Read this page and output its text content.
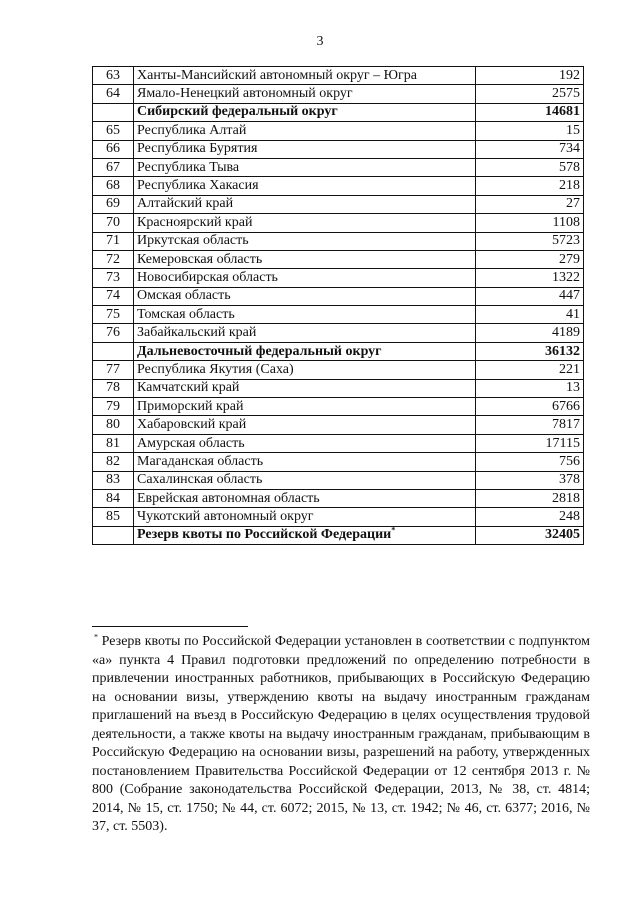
3
63	Ханты-Мансийский автономный округ – Югра	192
64	Ямало-Ненецкий автономный округ	2575
	Сибирский федеральный округ	14681
65	Республика Алтай	15
66	Республика Бурятия	734
67	Республика Тыва	578
68	Республика Хакасия	218
69	Алтайский край	27
70	Красноярский край	1108
71	Иркутская область	5723
72	Кемеровская область	279
73	Новосибирская область	1322
74	Омская область	447
75	Томская область	41
76	Забайкальский край	4189
	Дальневосточный федеральный округ	36132
77	Республика Якутия (Саха)	221
78	Камчатский край	13
79	Приморский край	6766
80	Хабаровский край	7817
81	Амурская область	17115
82	Магаданская область	756
83	Сахалинская область	378
84	Еврейская автономная область	2818
85	Чукотский автономный округ	248
	Резерв квоты по Российской Федерации*	32405
* Резерв квоты по Российской Федерации установлен в соответствии с подпунктом «а» пункта 4 Правил подготовки предложений по определению потребности в привлечении иностранных работников, прибывающих в Российскую Федерацию на основании визы, утверждению квоты на выдачу иностранным гражданам приглашений на въезд в Российскую Федерацию в целях осуществления трудовой деятельности, а также квоты на выдачу иностранным гражданам, прибывающим в Российскую Федерацию на основании визы, разрешений на работу, утвержденных постановлением Правительства Российской Федерации от 12 сентября 2013 г. № 800 (Собрание законодательства Российской Федерации, 2013, № 38, ст. 4814; 2014, № 15, ст. 1750; № 44, ст. 6072; 2015, № 13, ст. 1942; № 46, ст. 6377; 2016, № 37, ст. 5503).
